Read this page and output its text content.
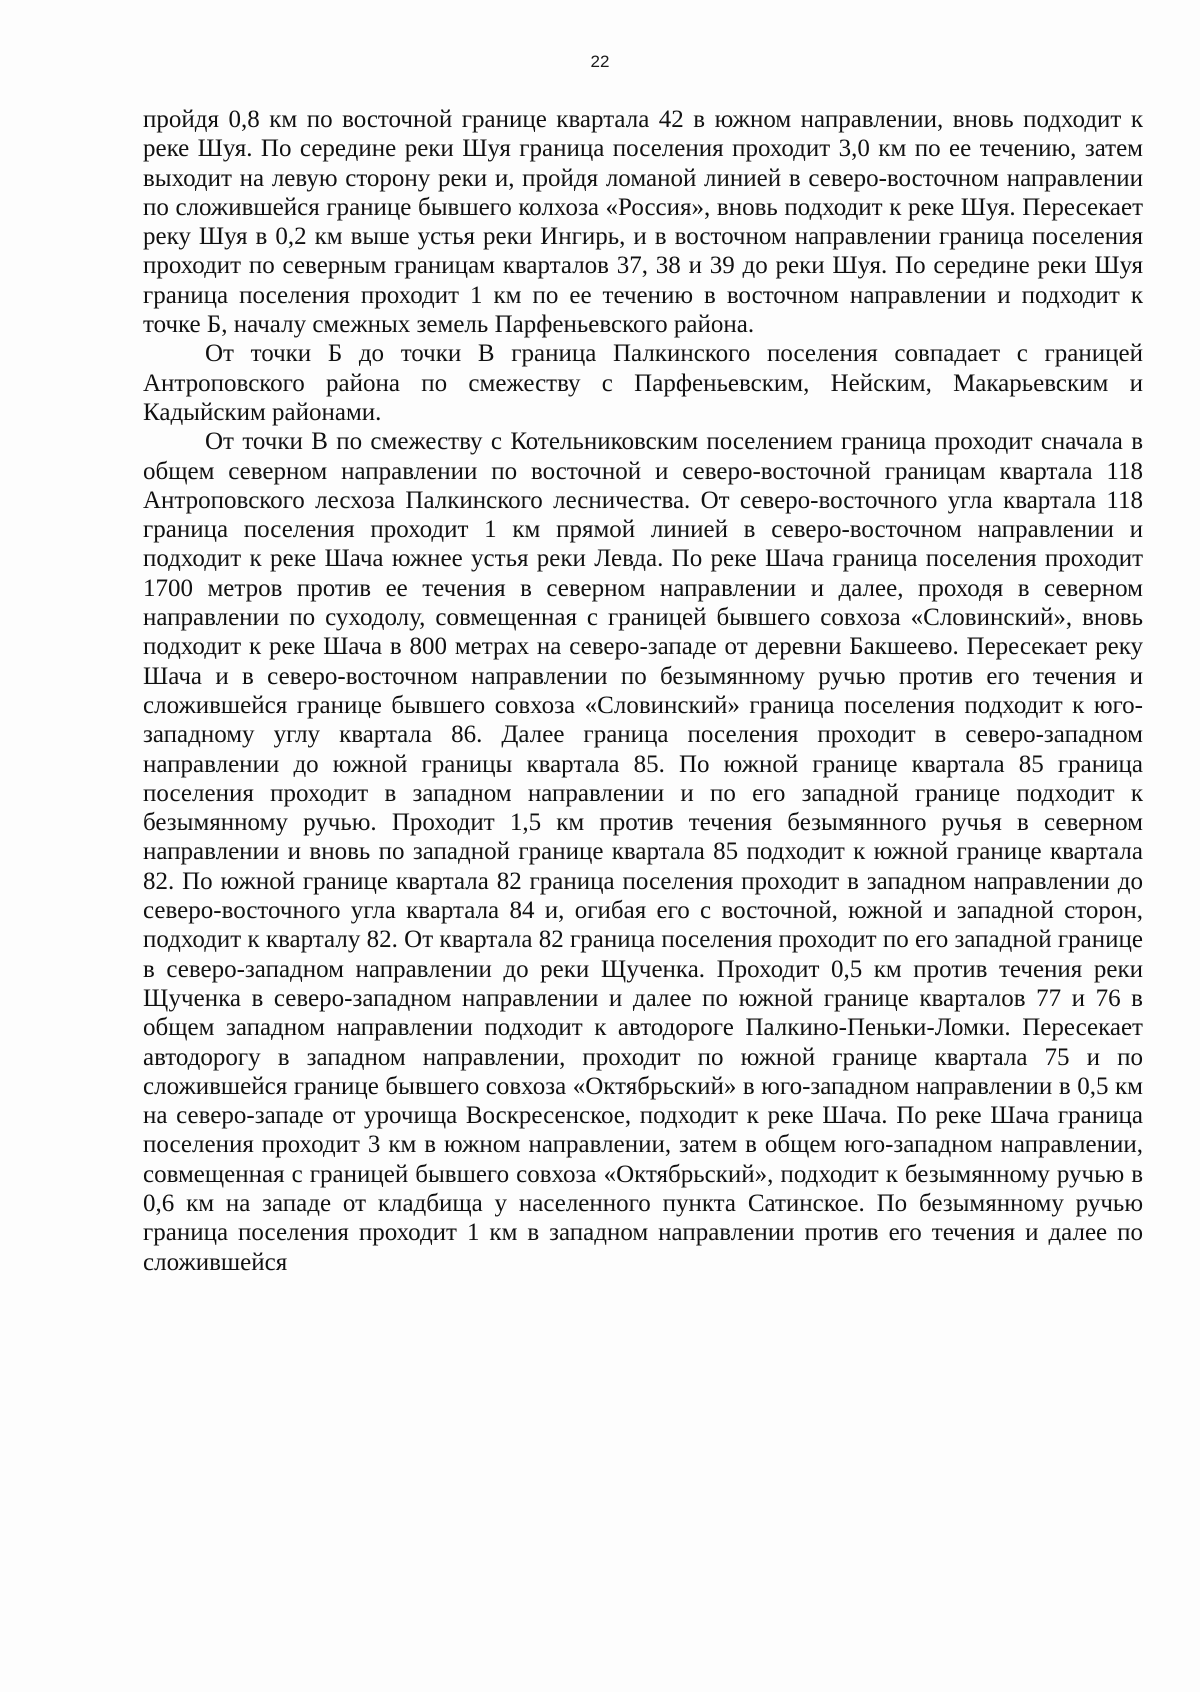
22

пройдя 0,8 км по восточной границе квартала 42 в южном направлении, вновь подходит к реке Шуя. По середине реки Шуя граница поселения проходит 3,0 км по ее течению, затем выходит на левую сторону реки и, пройдя ломаной линией в северо-восточном направлении по сложившейся границе бывшего колхоза «Россия», вновь подходит к реке Шуя. Пересекает реку Шуя в 0,2 км выше устья реки Ингирь, и в восточном направлении граница поселения проходит по северным границам кварталов 37, 38 и 39 до реки Шуя. По середине реки Шуя граница поселения проходит 1 км по ее течению в восточном направлении и подходит к точке Б, началу смежных земель Парфеньевского района.

От точки Б до точки В граница Палкинского поселения совпадает с границей Антроповского района по смежеству с Парфеньевским, Нейским, Макарьевским и Кадыйским районами.

От точки В по смежеству с Котельниковским поселением граница проходит сначала в общем северном направлении по восточной и северо-восточной границам квартала 118 Антроповского лесхоза Палкинского лесничества. От северо-восточного угла квартала 118 граница поселения проходит 1 км прямой линией в северо-восточном направлении и подходит к реке Шача южнее устья реки Левда. По реке Шача граница поселения проходит 1700 метров против ее течения в северном направлении и далее, проходя в северном направлении по суходолу, совмещенная с границей бывшего совхоза «Словинский», вновь подходит к реке Шача в 800 метрах на северо-западе от деревни Бакшеево. Пересекает реку Шача и в северо-восточном направлении по безымянному ручью против его течения и сложившейся границе бывшего совхоза «Словинский» граница поселения подходит к юго-западному углу квартала 86. Далее граница поселения проходит в северо-западном направлении до южной границы квартала 85. По южной границе квартала 85 граница поселения проходит в западном направлении и по его западной границе подходит к безымянному ручью. Проходит 1,5 км против течения безымянного ручья в северном направлении и вновь по западной границе квартала 85 подходит к южной границе квартала 82. По южной границе квартала 82 граница поселения проходит в западном направлении до северо-восточного угла квартала 84 и, огибая его с восточной, южной и западной сторон, подходит к кварталу 82. От квартала 82 граница поселения проходит по его западной границе в северо-западном направлении до реки Щученка. Проходит 0,5 км против течения реки Щученка в северо-западном направлении и далее по южной границе кварталов 77 и 76 в общем западном направлении подходит к автодороге Палкино-Пеньки-Ломки. Пересекает автодорогу в западном направлении, проходит по южной границе квартала 75 и по сложившейся границе бывшего совхоза «Октябрьский» в юго-западном направлении в 0,5 км на северо-западе от урочища Воскресенское, подходит к реке Шача. По реке Шача граница поселения проходит 3 км в южном направлении, затем в общем юго-западном направлении, совмещенная с границей бывшего совхоза «Октябрьский», подходит к безымянному ручью в 0,6 км на западе от кладбища у населенного пункта Сатинское. По безымянному ручью граница поселения проходит 1 км в западном направлении против его течения и далее по сложившейся
